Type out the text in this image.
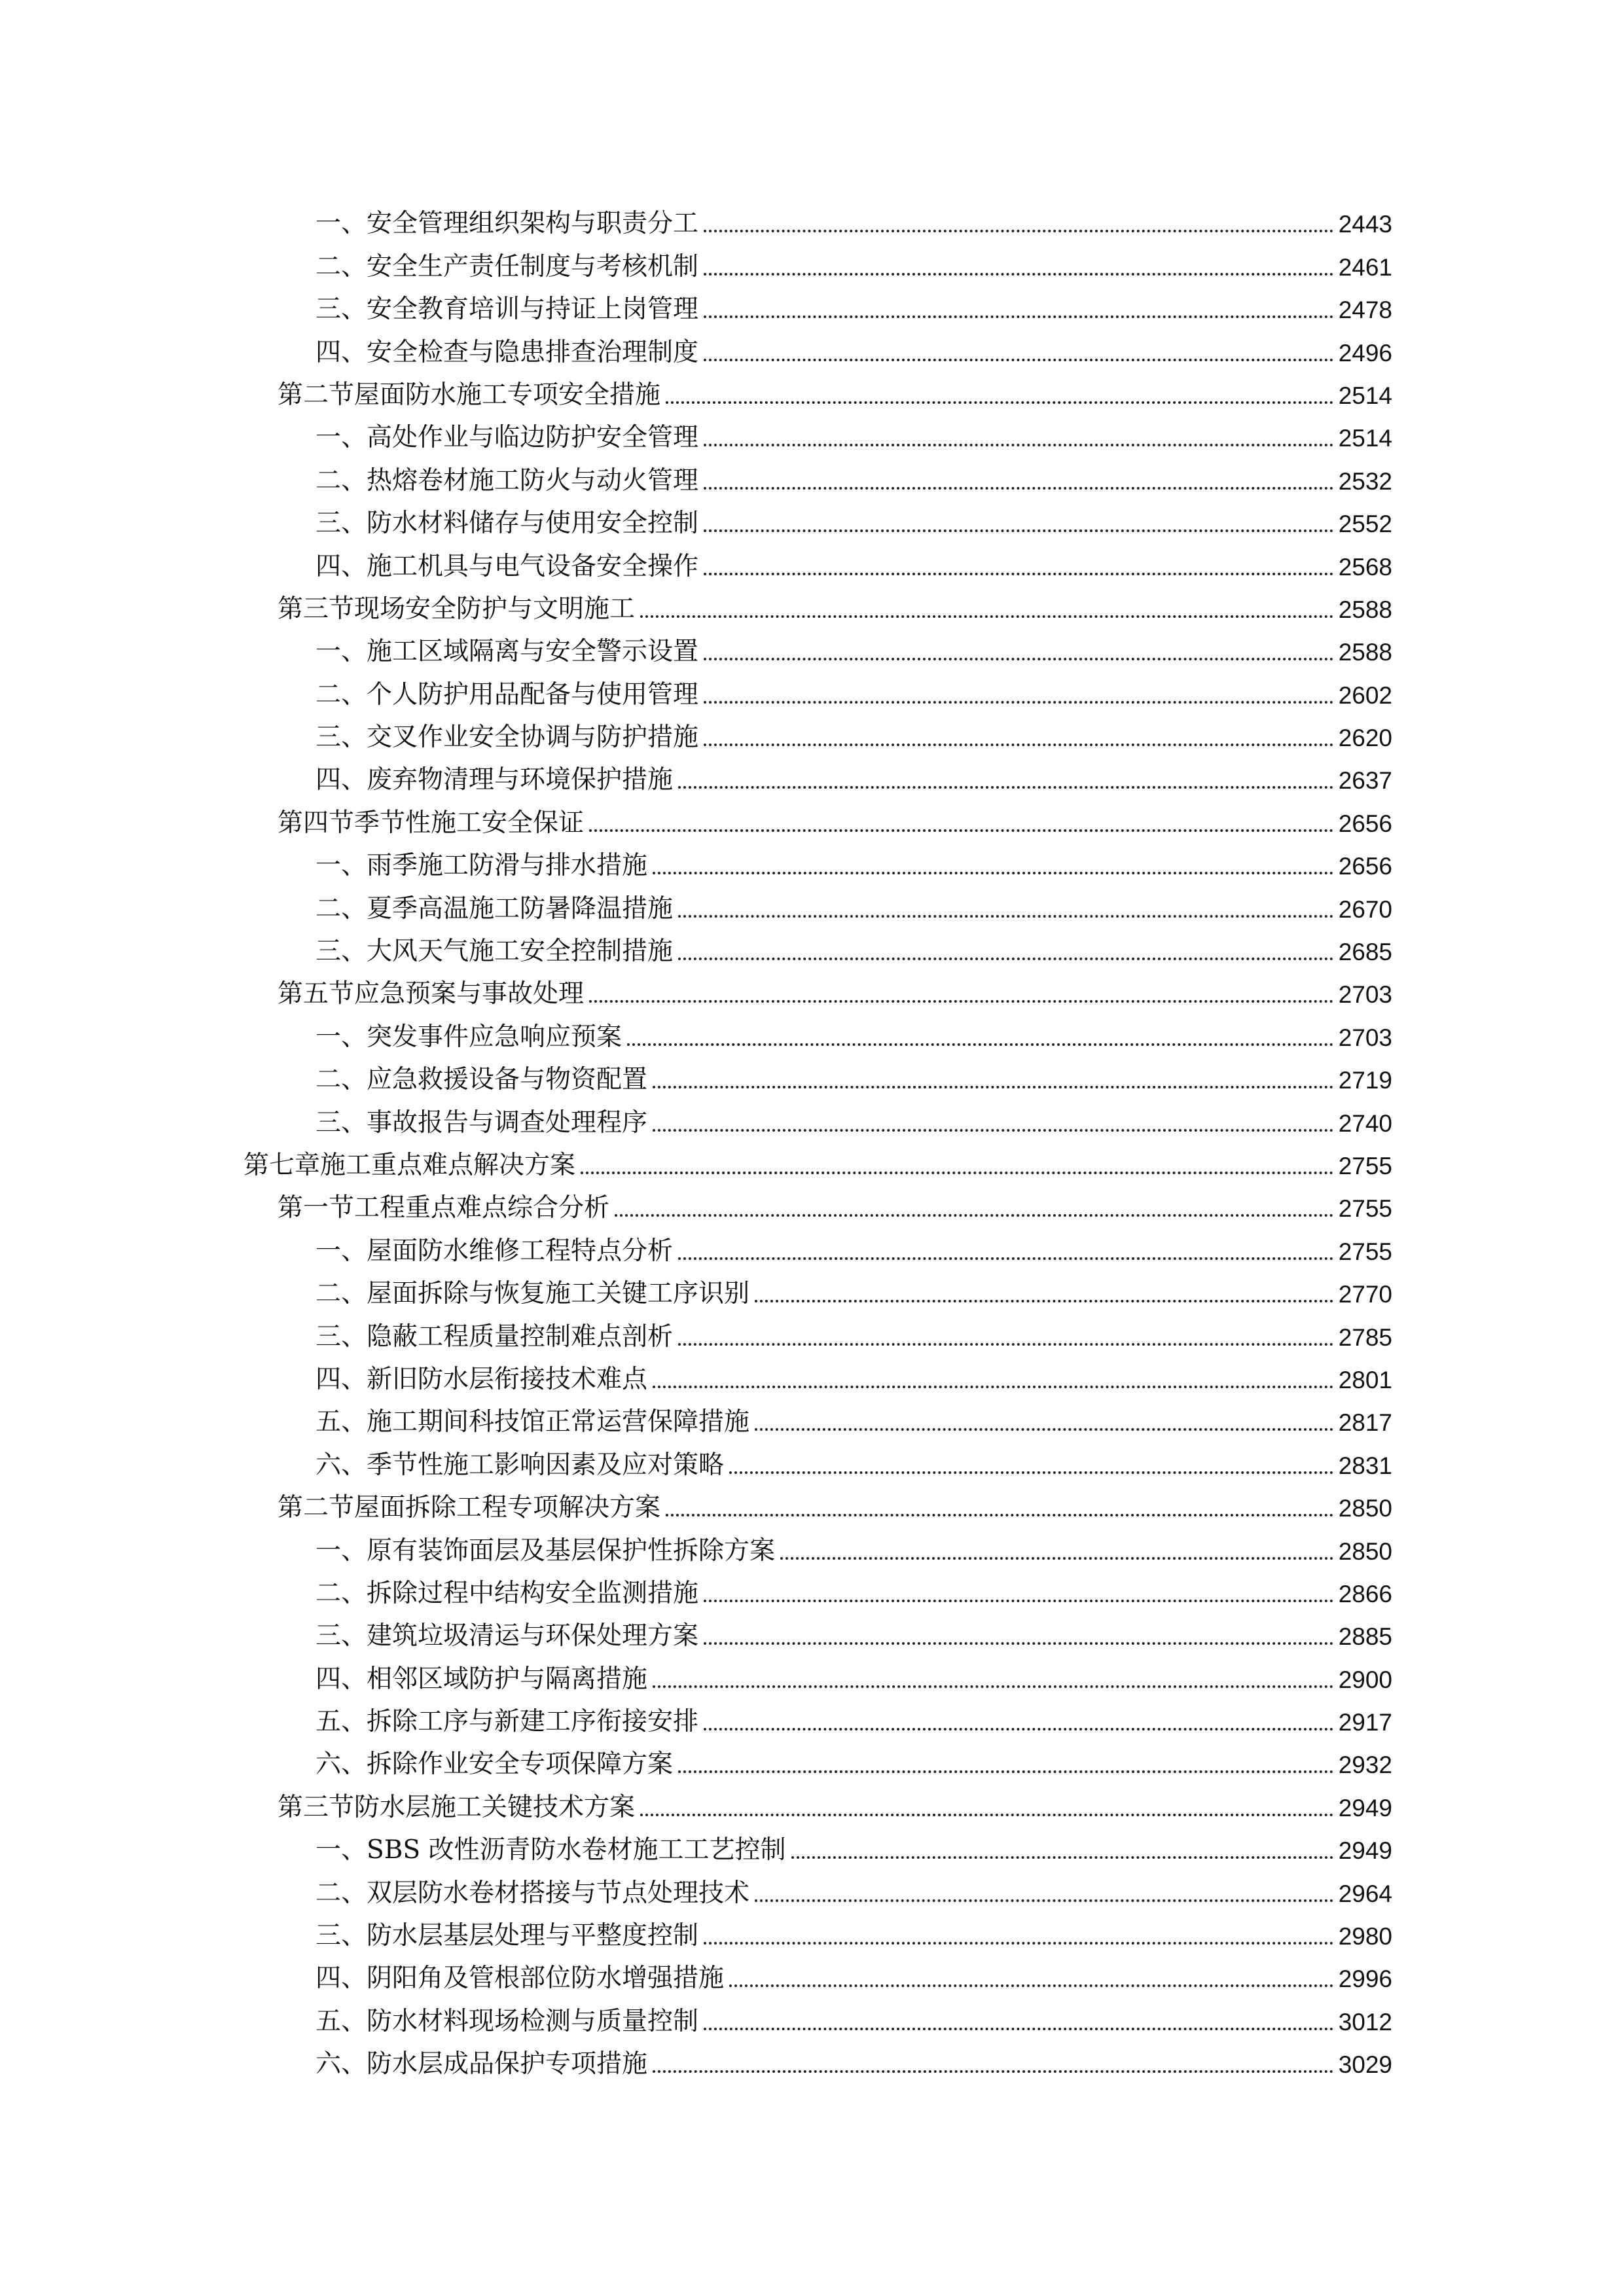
一、安全管理组织架构与职责分工	2443
二、安全生产责任制度与考核机制	2461
三、安全教育培训与持证上岗管理	2478
四、安全检查与隐患排查治理制度	2496
第二节屋面防水施工专项安全措施	2514
一、高处作业与临边防护安全管理	2514
二、热熔卷材施工防火与动火管理	2532
三、防水材料储存与使用安全控制	2552
四、施工机具与电气设备安全操作	2568
第三节现场安全防护与文明施工	2588
一、施工区域隔离与安全警示设置	2588
二、个人防护用品配备与使用管理	2602
三、交叉作业安全协调与防护措施	2620
四、废弃物清理与环境保护措施	2637
第四节季节性施工安全保证	2656
一、雨季施工防滑与排水措施	2656
二、夏季高温施工防暑降温措施	2670
三、大风天气施工安全控制措施	2685
第五节应急预案与事故处理	2703
一、突发事件应急响应预案	2703
二、应急救援设备与物资配置	2719
三、事故报告与调查处理程序	2740
第七章施工重点难点解决方案	2755
第一节工程重点难点综合分析	2755
一、屋面防水维修工程特点分析	2755
二、屋面拆除与恢复施工关键工序识别	2770
三、隐蔽工程质量控制难点剖析	2785
四、新旧防水层衔接技术难点	2801
五、施工期间科技馆正常运营保障措施	2817
六、季节性施工影响因素及应对策略	2831
第二节屋面拆除工程专项解决方案	2850
一、原有装饰面层及基层保护性拆除方案	2850
二、拆除过程中结构安全监测措施	2866
三、建筑垃圾清运与环保处理方案	2885
四、相邻区域防护与隔离措施	2900
五、拆除工序与新建工序衔接安排	2917
六、拆除作业安全专项保障方案	2932
第三节防水层施工关键技术方案	2949
一、SBS 改性沥青防水卷材施工工艺控制	2949
二、双层防水卷材搭接与节点处理技术	2964
三、防水层基层处理与平整度控制	2980
四、阴阳角及管根部位防水增强措施	2996
五、防水材料现场检测与质量控制	3012
六、防水层成品保护专项措施	3029
